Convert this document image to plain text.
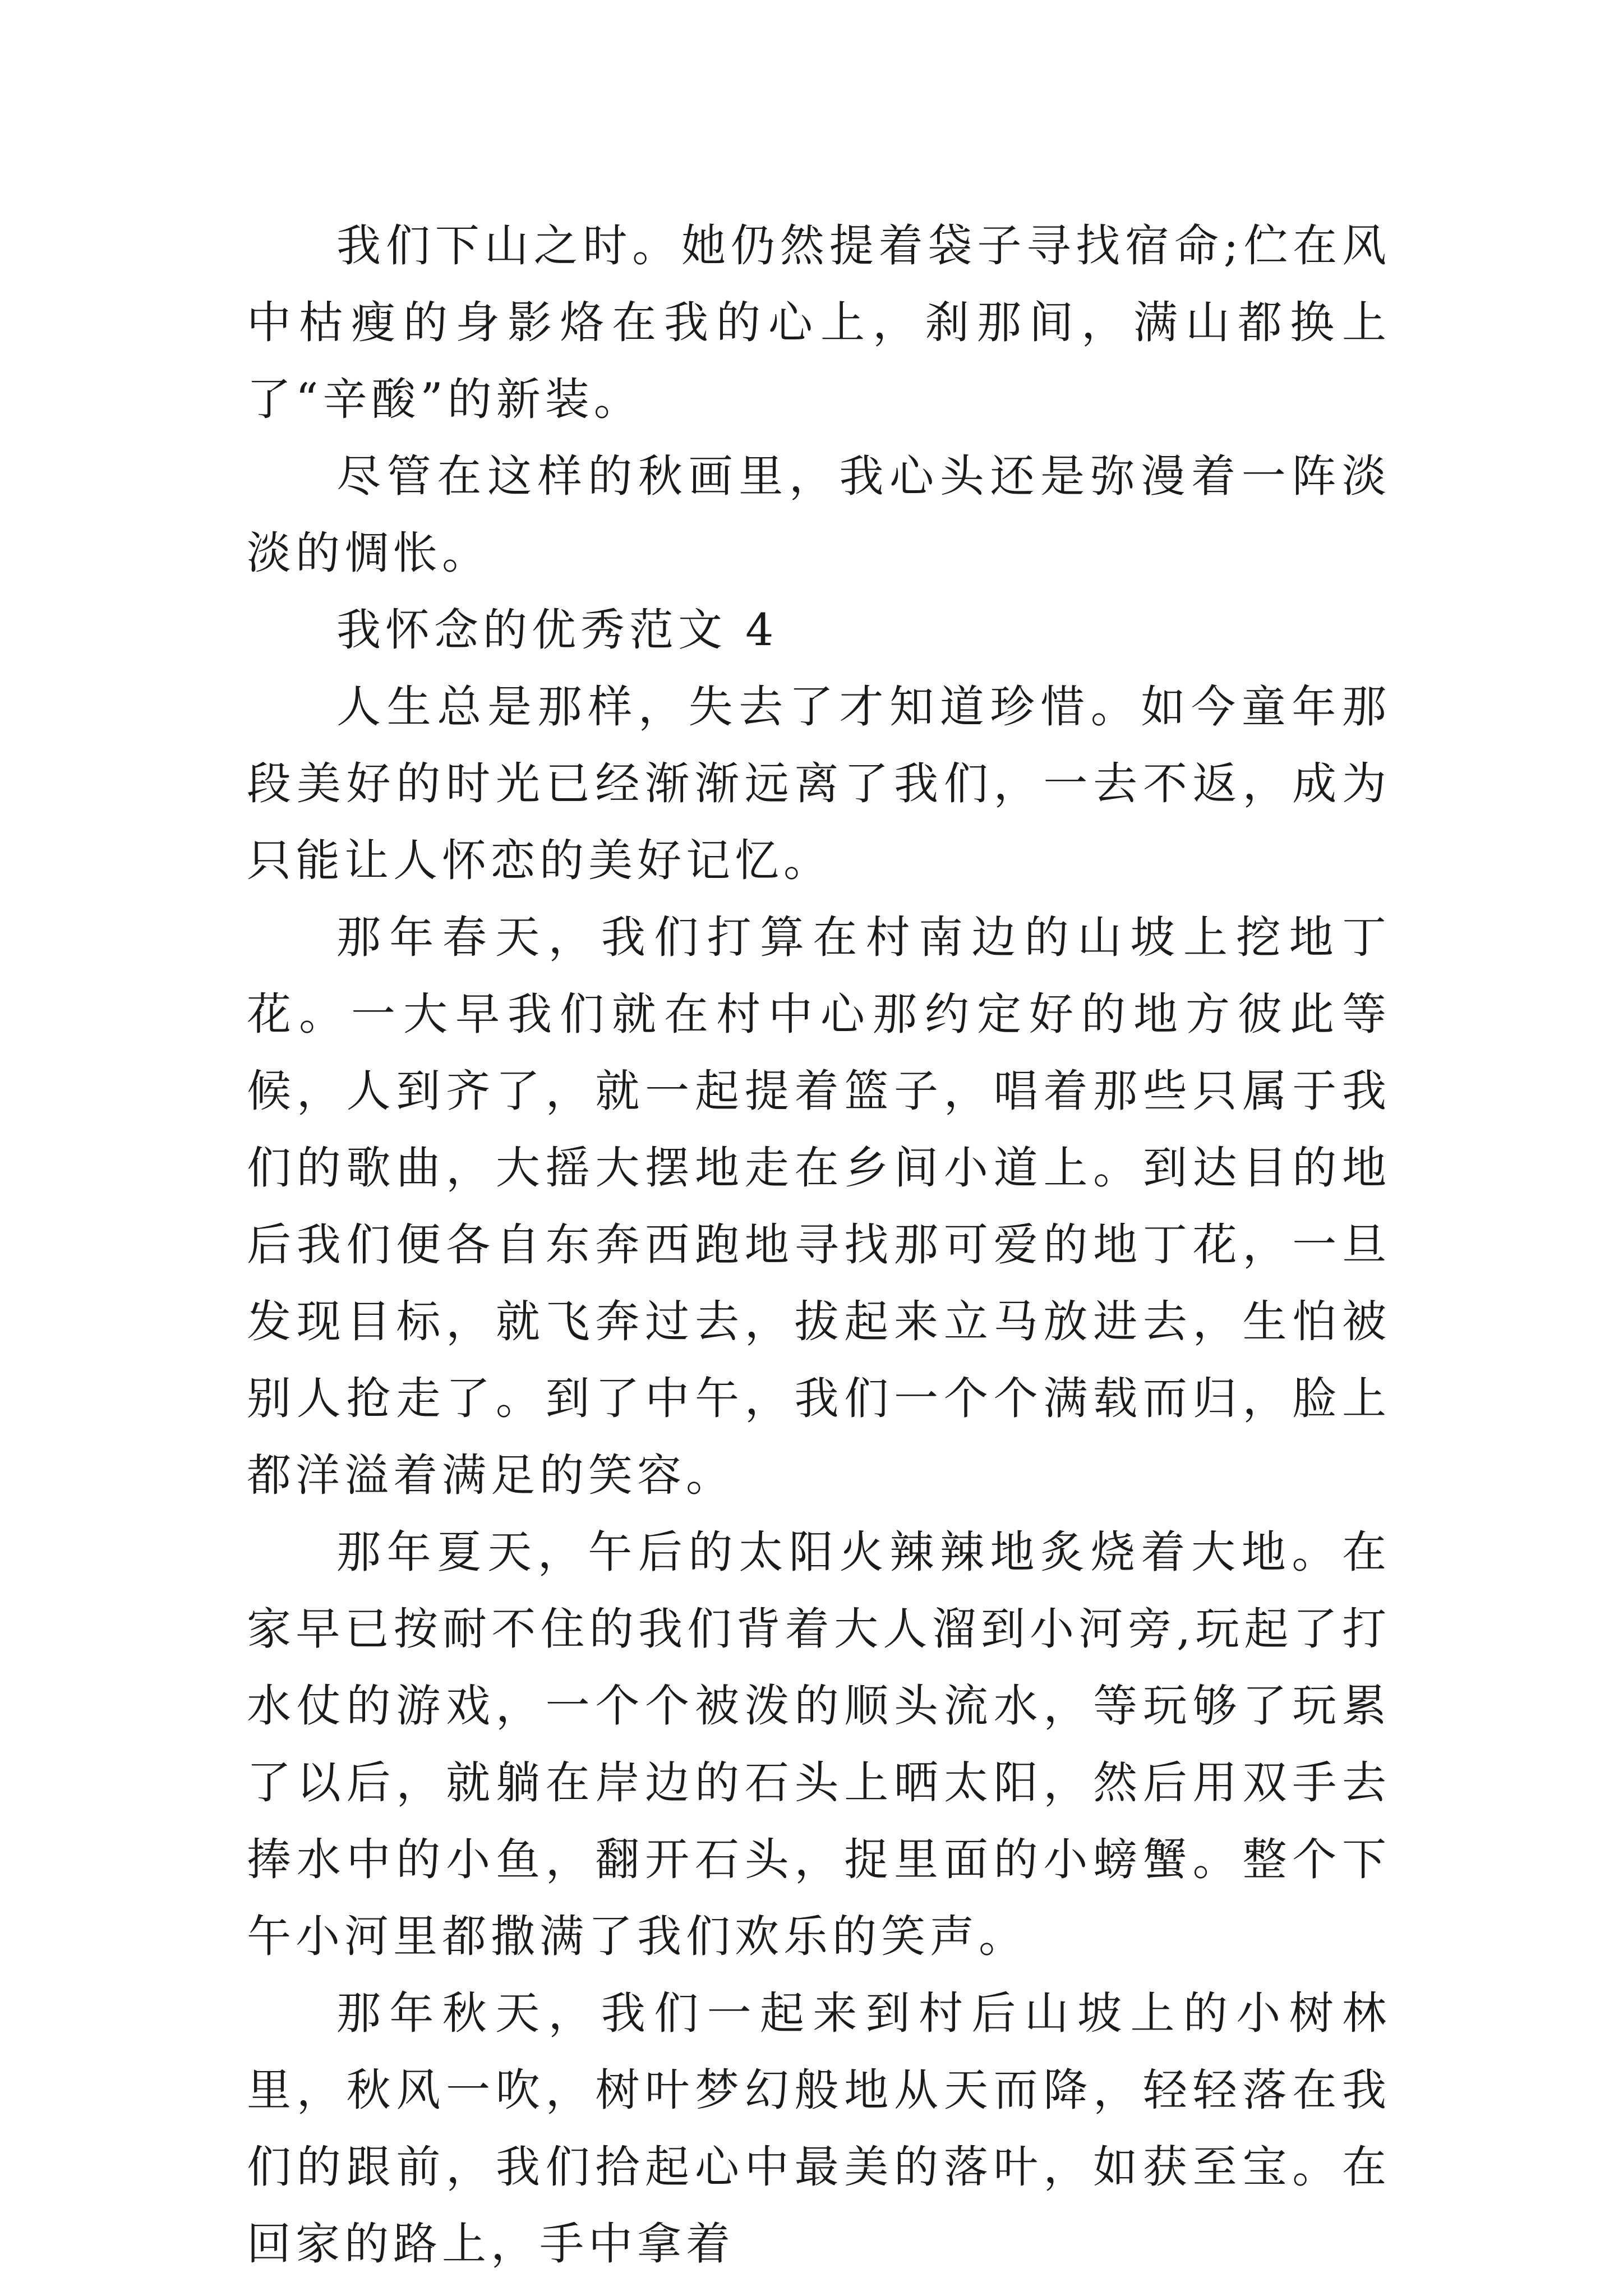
我们下山之时。她仍然提着袋子寻找宿命;伫在风中枯瘦的身影烙在我的心上，刹那间，满山都换上了“辛酸”的新装。

尽管在这样的秋画里，我心头还是弥漫着一阵淡淡的惆怅。

我怀念的优秀范文 4

人生总是那样，失去了才知道珍惜。如今童年那段美好的时光已经渐渐远离了我们，一去不返，成为只能让人怀恋的美好记忆。

那年春天，我们打算在村南边的山坡上挖地丁花。一大早我们就在村中心那约定好的地方彼此等候，人到齐了，就一起提着篮子，唱着那些只属于我们的歌曲，大摇大摆地走在乡间小道上。到达目的地后我们便各自东奔西跑地寻找那可爱的地丁花，一旦发现目标，就飞奔过去，拔起来立马放进去，生怕被别人抢走了。到了中午，我们一个个满载而归，脸上都洋溢着满足的笑容。

那年夏天，午后的太阳火辣辣地炙烧着大地。在家早已按耐不住的我们背着大人溜到小河旁,玩起了打水仗的游戏，一个个被泼的顺头流水，等玩够了玩累了以后，就躺在岸边的石头上晒太阳，然后用双手去捧水中的小鱼，翻开石头，捉里面的小螃蟹。整个下午小河里都撒满了我们欢乐的笑声。

那年秋天，我们一起来到村后山坡上的小树林里，秋风一吹，树叶梦幻般地从天而降，轻轻落在我们的跟前，我们拾起心中最美的落叶，如获至宝。在回家的路上，手中拿着
